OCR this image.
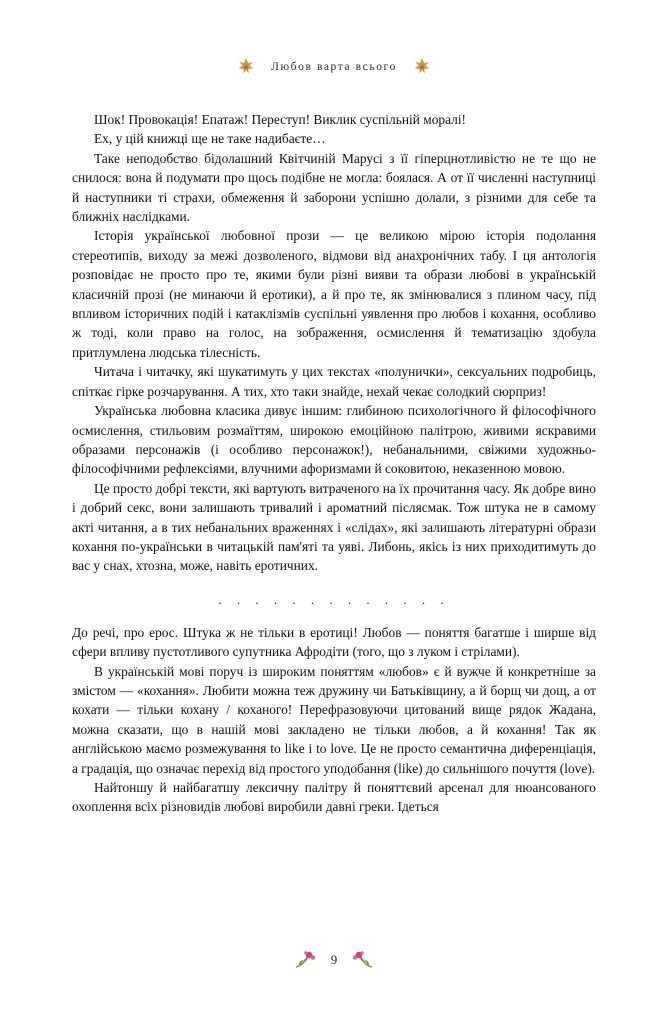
Любов варта всього

Шок! Провокація! Епатаж! Переступ! Виклик суспільній моралі!

Ех, у цій книжці ще не таке надибаєте…

Таке неподобство бідолашний Квітчиній Марусі з її гіперцнотливістю не те що не снилося: вона й подумати про щось подібне не могла: боялася. А от її численні наступниці й наступники ті страхи, обмеження й заборони успішно долали, з різними для себе та ближніх наслідками.

Історія української любовної прози — це великою мірою історія подолання стереотипів, виходу за межі дозволеного, відмови від анахронічних табу. І ця антологія розповідає не просто про те, якими були різні вияви та образи любові в українській класичній прозі (не минаючи й еротики), а й про те, як змінювалися з плином часу, під впливом історичних подій і катаклізмів суспільні уявлення про любов і кохання, особливо ж тоді, коли право на голос, на зображення, осмислення й тематизацію здобула притлумлена людська тілесність.

Читача і читачку, які шукатимуть у цих текстах «полунички», сексуальних подробиць, спіткає гірке розчарування. А тих, хто таки знайде, нехай чекає солодкий сюрприз!

Українська любовна класика дивує іншим: глибиною психологічного й філософічного осмислення, стильовим розмаїттям, широкою емоційною палітрою, живими яскравими образами персонажів (і особливо персонажок!), небанальними, свіжими художньо-філософічними рефлексіями, влучними афоризмами й соковитою, неказенною мовою.

Це просто добрі тексти, які вартують витраченого на їх прочитання часу. Як добре вино і добрий секс, вони залишають тривалий і ароматний післясмак. Тож штука не в самому акті читання, а в тих небанальних враженнях і «слідах», які залишають літературні образи кохання по-українськи в читацькій пам'яті та уяві. Либонь, якісь із них приходитимуть до вас у снах, хтозна, може, навіть еротичних.

. . . . . . . . . . . . .

До речі, про ерос. Штука ж не тільки в еротиці! Любов — поняття багатше і ширше від сфери впливу пустотливого супутника Афродіти (того, що з луком і стрілами).

В українській мові поруч із широким поняттям «любов» є й вужче й конкретніше за змістом — «кохання». Любити можна теж дружину чи Батьківщину, а й борщ чи дощ, а от кохати — тільки кохану / коханого! Перефразовуючи цитований вище рядок Жадана, можна сказати, що в нашій мові закладено не тільки любов, а й кохання! Так як англійською маємо розмежування to like i to love. Це не просто семантична диференціація, а градація, що означає перехід від простого уподобання (like) до сильнішого почуття (love).

Найтоншу й найбагатшу лексичну палітру й поняттєвий арсенал для нюансованого охоплення всіх різновидів любові виробили давні греки. Ідеться

9
